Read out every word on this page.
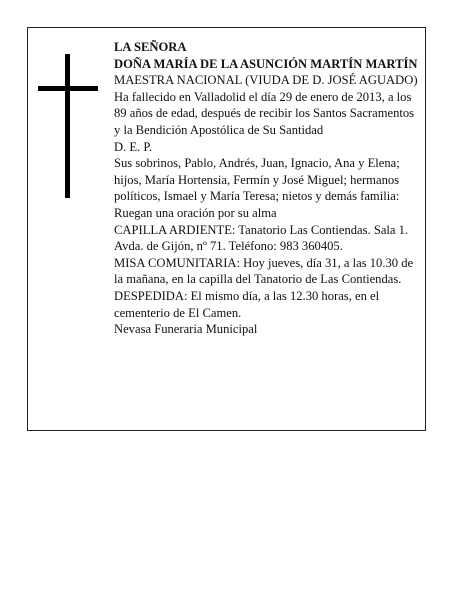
LA SEÑORA

DOÑA MARÍA DE LA ASUNCIÓN MARTÍN MARTÍN

MAESTRA NACIONAL (VIUDA DE D. JOSÉ AGUADO)

Ha fallecido en Valladolid el día 29 de enero de 2013, a los 89 años de edad, después de recibir los Santos Sacramentos y la Bendición Apostólica de Su Santidad

D. E. P.

Sus sobrinos, Pablo, Andrés, Juan, Ignacio, Ana y Elena; hijos, María Hortensia, Fermín y José Miguel; hermanos políticos, Ismael y María Teresa; nietos y demás familia:

Ruegan una oración por su alma

CAPILLA ARDIENTE: Tanatorio Las Contiendas. Sala 1. Avda. de Gijón, nº 71. Teléfono: 983 360405.

MISA COMUNITARIA: Hoy jueves, día 31, a las 10.30 de la mañana, en la capilla del Tanatorio de Las Contiendas.

DESPEDIDA: El mismo día, a las 12.30 horas, en el cementerio de El Camen.

Nevasa Funeraria Municipal
